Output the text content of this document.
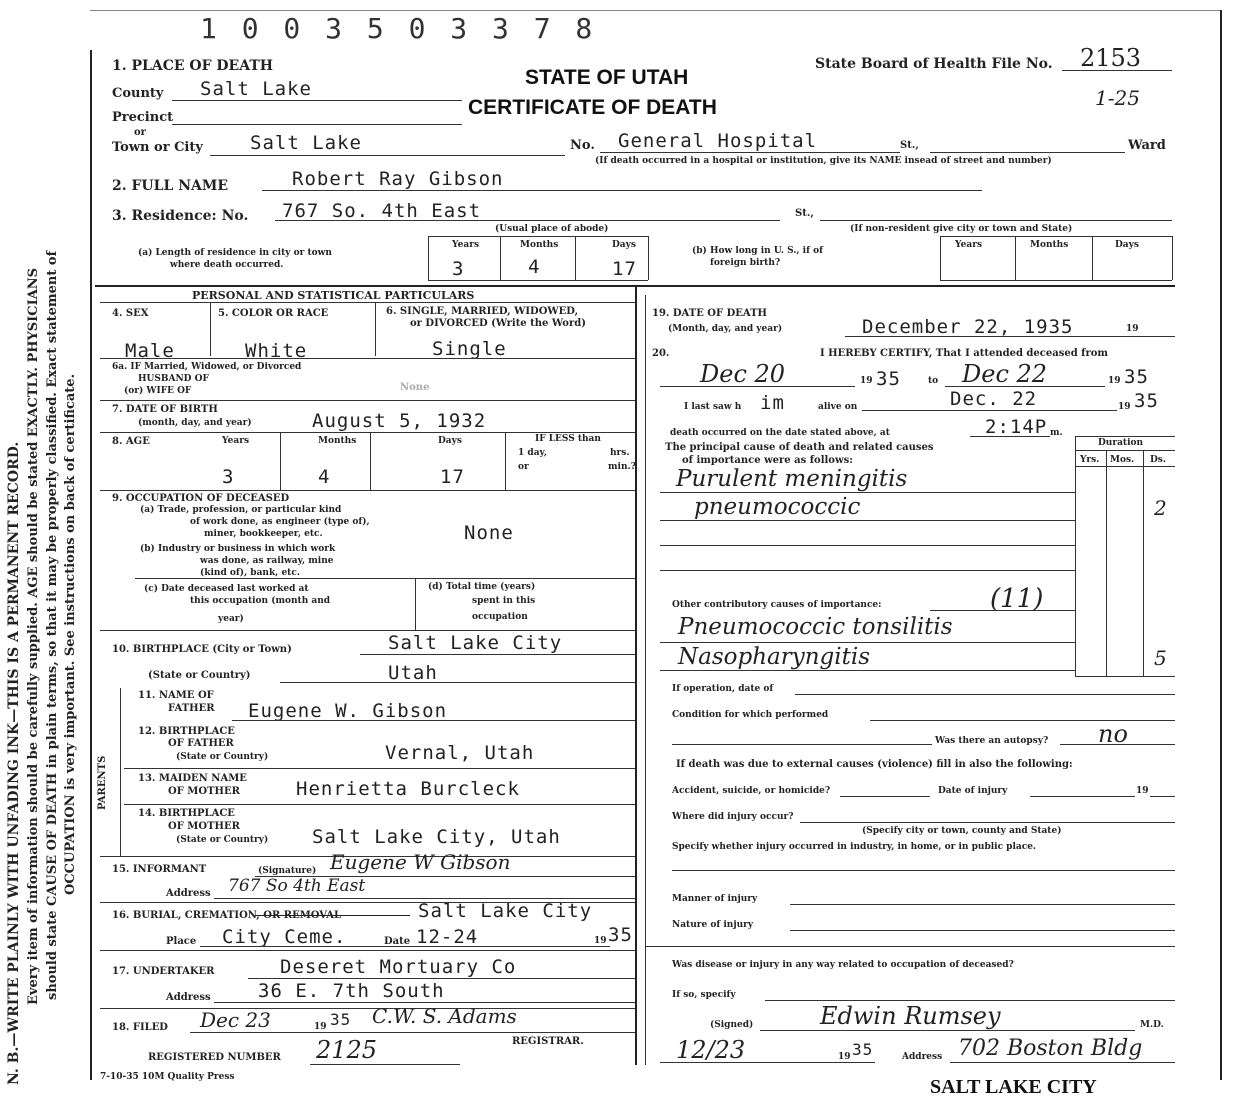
N. B.—WRITE PLAINLY WITH UNFADING INK—THIS IS A PERMANENT RECORD. Every item of information should be carefully supplied. AGE should be stated EXACTLY. PHYSICIANS should state CAUSE OF DEATH in plain terms, so that it may be properly classified. Exact statement of OCCUPATION is very important. See instructions on back of certificate.
1 0 0 3 5 0 3 3 7 8
STATE OF UTAH
CERTIFICATE OF DEATH
State Board of Health File No. 2153
1-25
1. PLACE OF DEATH
County Salt Lake
Precinct
or
Town or City Salt Lake	No. General Hospital	St.,	Ward
(If death occurred in a hospital or institution, give its NAME insead of street and number)
2. FULL NAME	Robert Ray Gibson
3. Residence: No. 767 So. 4th East	St.,
(Usual place of abode)	(If non-resident give city or town and State)
(a) Length of residence in city or town
where death occurred.
Years	Months	Days
3	4	17
(b) How long in U. S., if of
foreign birth?
Years	Months	Days
PERSONAL AND STATISTICAL PARTICULARS
4. SEX	5. COLOR OR RACE	6. SINGLE, MARRIED, WIDOWED,
or DIVORCED (Write the Word)
Male	White	Single
6a. IF Married, Widowed, or Divorced
HUSBAND OF
(or) WIFE OF	None
7. DATE OF BIRTH
(month, day, and year)	August 5, 1932
8. AGE	Years	Months	Days	IF LESS than
1 day,	hrs.
or	min.?
3	4	17
9. OCCUPATION OF DECEASED
(a) Trade, profession, or particular kind
of work done, as engineer (type of),
miner, bookkeeper, etc.	None
(b) Industry or business in which work
was done, as railway, mine
(kind of), bank, etc.
(c) Date deceased last worked at
this occupation (month and
year)
(d) Total time (years)
spent in this
occupation
10. BIRTHPLACE (City or Town)	Salt Lake City
(State or Country)	Utah
PARENTS
11. NAME OF
FATHER Eugene W. Gibson
12. BIRTHPLACE
OF FATHER
(State or Country)	Vernal, Utah
13. MAIDEN NAME
OF MOTHER	Henrietta Burcleck
14. BIRTHPLACE
OF MOTHER
(State or Country) Salt Lake City, Utah
15. INFORMANT	(Signature) Eugene W Gibson
Address 767 So 4th East
16. BURIAL, CREMATION, OR REMOVAL	Salt Lake City
Place City Ceme.	Date 12-24	19 35
17. UNDERTAKER	Deseret Mortuary Co
Address 36 E. 7th South
18. FILED Dec 23	19 35 C.W. S. Adams
REGISTRAR.
REGISTERED NUMBER 2125
19. DATE OF DEATH
(Month, day, and year)	December 22, 1935	19
20.	I HEREBY CERTIFY, That I attended deceased from
Dec 20	19 35	to Dec 22	19 35
I last saw h im	alive on	Dec. 22	19 35
death occurred on the date stated above, at	2:14P m.
The principal cause of death and related causes
of importance were as follows:
Duration
Yrs. Mos. Ds.
Purulent meningitis
pneumococcic	2
Other contributory causes of importance:	(11)
Pneumococcic tonsilitis
Nasopharyngitis	5
If operation, date of
Condition for which performed
Was there an autopsy? no
If death was due to external causes (violence) fill in also the following:
Accident, suicide, or homicide?	Date of injury	19
Where did injury occur?
(Specify city or town, county and State)
Specify whether injury occurred in industry, in home, or in public place.
Manner of injury
Nature of injury
Was disease or injury in any way related to occupation of deceased?
If so, specify
(Signed)	Edwin Rumsey	M.D.
12/23	19 35	Address 702 Boston Bldg
7-10-35 10M Quality Press	SALT LAKE CITY
